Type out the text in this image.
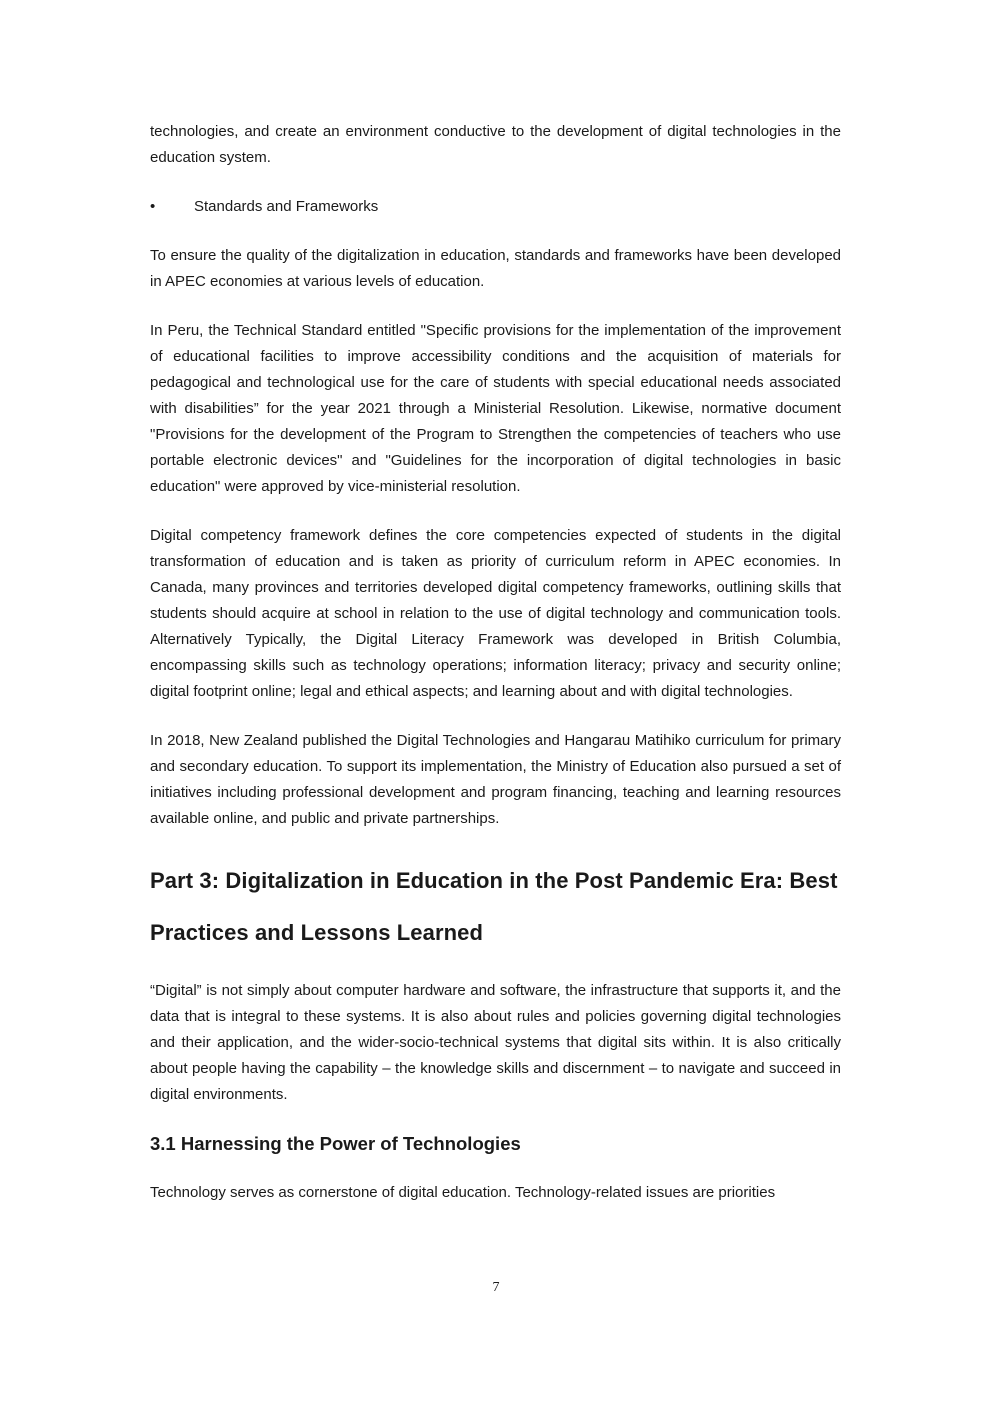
technologies, and create an environment conductive to the development of digital technologies in the education system.

•	Standards and Frameworks

To ensure the quality of the digitalization in education, standards and frameworks have been developed in APEC economies at various levels of education.

In Peru, the Technical Standard entitled "Specific provisions for the implementation of the improvement of educational facilities to improve accessibility conditions and the acquisition of materials for pedagogical and technological use for the care of students with special educational needs associated with disabilities” for the year 2021 through a Ministerial Resolution. Likewise, normative document "Provisions for the development of the Program to Strengthen the competencies of teachers who use portable electronic devices" and "Guidelines for the incorporation of digital technologies in basic education" were approved by vice-ministerial resolution.

Digital competency framework defines the core competencies expected of students in the digital transformation of education and is taken as priority of curriculum reform in APEC economies. In Canada, many provinces and territories developed digital competency frameworks, outlining skills that students should acquire at school in relation to the use of digital technology and communication tools. Alternatively Typically, the Digital Literacy Framework was developed in British Columbia, encompassing skills such as technology operations; information literacy; privacy and security online; digital footprint online; legal and ethical aspects; and learning about and with digital technologies.

In 2018, New Zealand published the Digital Technologies and Hangarau Matihiko curriculum for primary and secondary education. To support its implementation, the Ministry of Education also pursued a set of initiatives including professional development and program financing, teaching and learning resources available online, and public and private partnerships.

Part 3: Digitalization in Education in the Post Pandemic Era: Best Practices and Lessons Learned

“Digital” is not simply about computer hardware and software, the infrastructure that supports it, and the data that is integral to these systems. It is also about rules and policies governing digital technologies and their application, and the wider-socio-technical systems that digital sits within. It is also critically about people having the capability – the knowledge skills and discernment – to navigate and succeed in digital environments.

3.1 Harnessing the Power of Technologies

Technology serves as cornerstone of digital education. Technology-related issues are priorities

7
